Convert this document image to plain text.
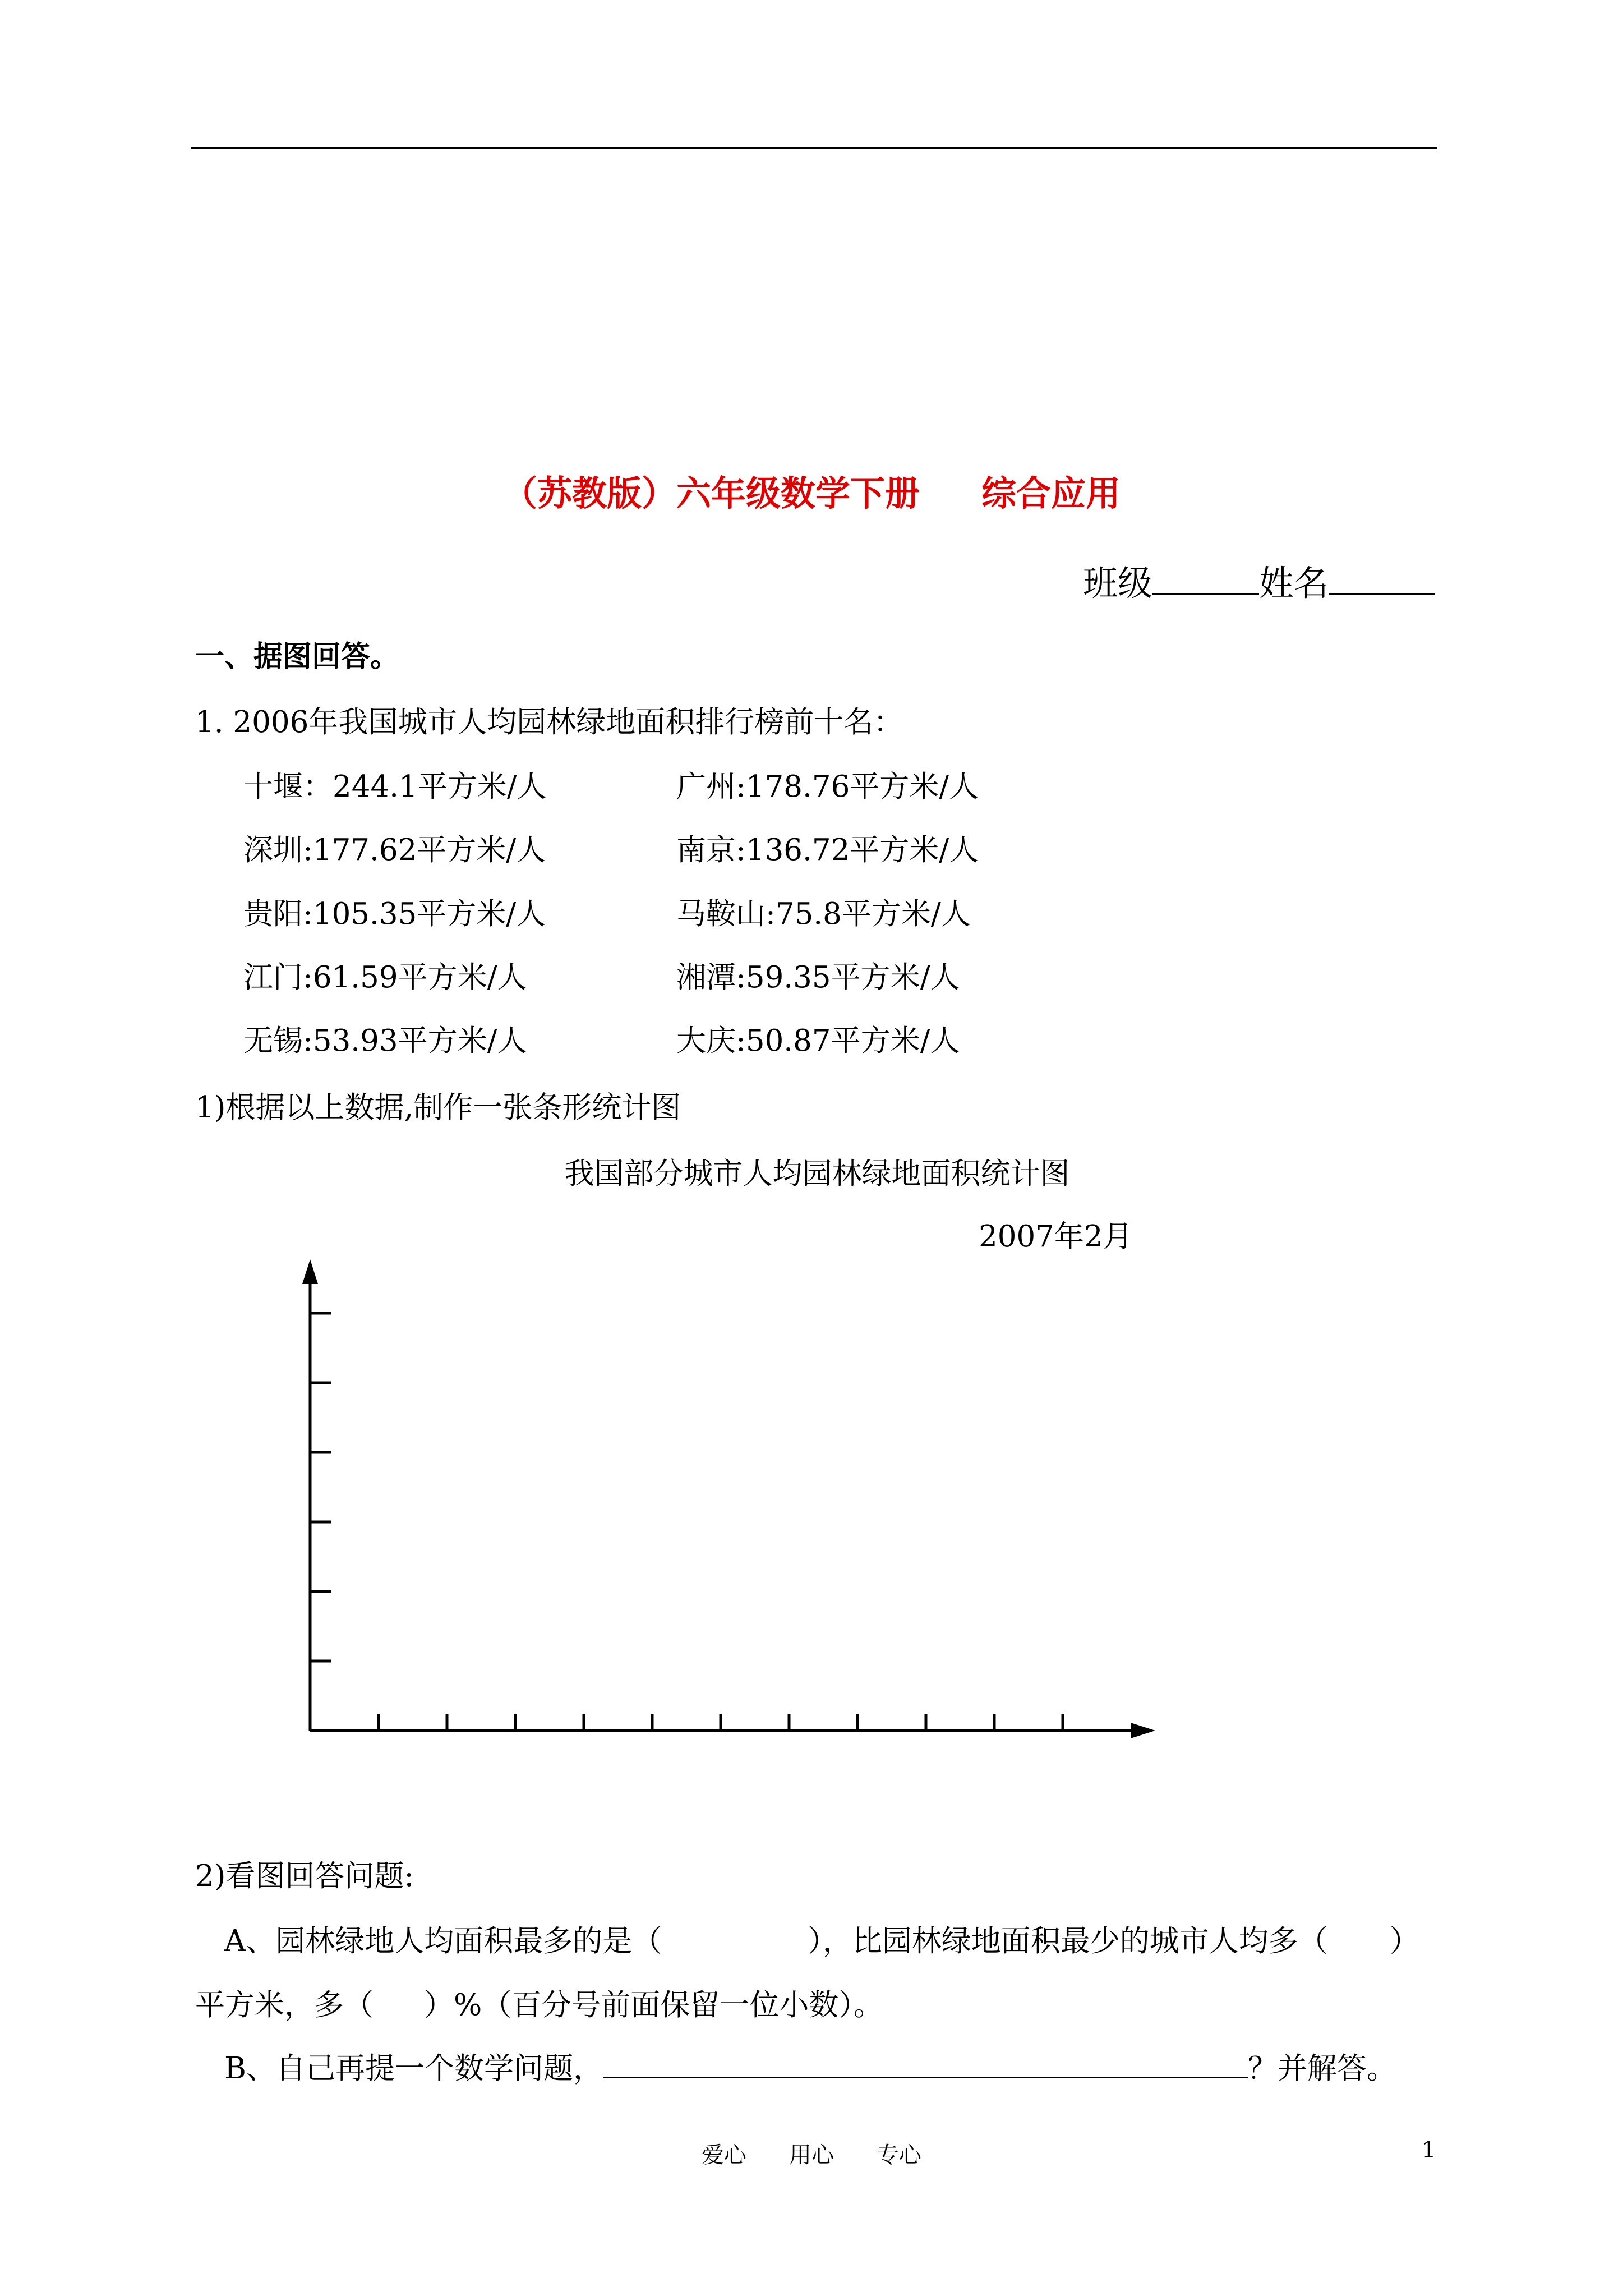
（苏教版）六年级数学下册 综合应用
班级	姓名
一、据图回答。
1. 2006年我国城市人均园林绿地面积排行榜前十名：
十堰：244.1平方米/人	广州:178.76平方米/人
深圳:177.62平方米/人	南京:136.72平方米/人
贵阳:105.35平方米/人	马鞍山:75.8平方米/人
江门:61.59平方米/人	湘潭:59.35平方米/人
无锡:53.93平方米/人	大庆:50.87平方米/人
1)根据以上数据,制作一张条形统计图
我国部分城市人均园林绿地面积统计图
2007年2月
2)看图回答问题:
A、园林绿地人均面积最多的是（	），比园林绿地面积最少的城市人均多（ ）
平方米，多（ ）%（百分号前面保留一位小数）。
B、自己再提一个数学问题，	？并解答。
爱心 用心 专心	1
